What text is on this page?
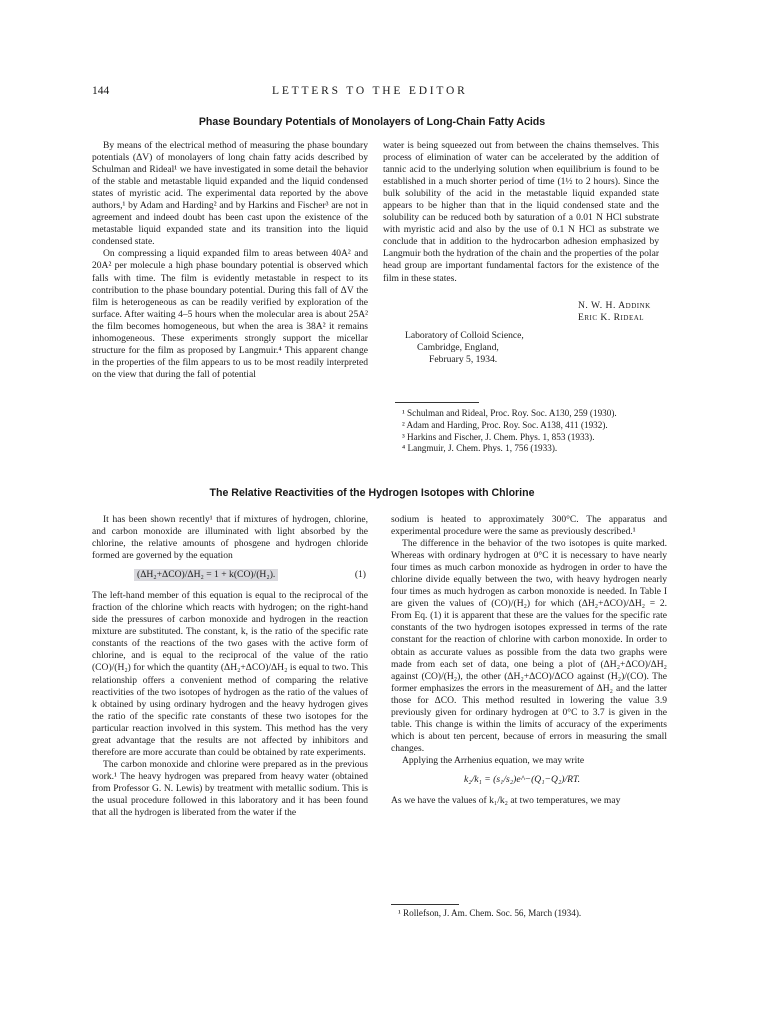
144	LETTERS TO THE EDITOR
Phase Boundary Potentials of Monolayers of Long-Chain Fatty Acids

By means of the electrical method of measuring the phase boundary potentials (ΔV) of monolayers of long chain fatty acids described by Schulman and Rideal¹ we have investigated in some detail the behavior of the stable and metastable liquid expanded and the liquid condensed states of myristic acid. The experimental data reported by the above authors,¹ by Adam and Harding² and by Harkins and Fischer³ are not in agreement and indeed doubt has been cast upon the existence of the metastable liquid expanded state and its transition into the liquid condensed state.

On compressing a liquid expanded film to areas between 40A² and 20A² per molecule a high phase boundary potential is observed which falls with time. The film is evidently metastable in respect to its contribution to the phase boundary potential. During this fall of ΔV the film is heterogeneous as can be readily verified by exploration of the surface. After waiting 4–5 hours when the molecular area is about 25A² the film becomes homogeneous, but when the area is 38A² it remains inhomogeneous. These experiments strongly support the micellar structure for the film as proposed by Langmuir.⁴ This apparent change in the properties of the film appears to us to be most readily interpreted on the view that during the fall of potential

water is being squeezed out from between the chains themselves. This process of elimination of water can be accelerated by the addition of tannic acid to the underlying solution when equilibrium is found to be established in a much shorter period of time (1½ to 2 hours). Since the bulk solubility of the acid in the metastable liquid expanded state appears to be higher than that in the liquid condensed state and the solubility can be reduced both by saturation of a 0.01 N HCl substrate with myristic acid and also by the use of 0.1 N HCl as substrate we conclude that in addition to the hydrocarbon adhesion emphasized by Langmuir both the hydration of the chain and the properties of the polar head group are important fundamental factors for the existence of the film in these states.

N. W. H. Addink
Eric K. Rideal
Laboratory of Colloid Science,
Cambridge, England,
February 5, 1934.
¹ Schulman and Rideal, Proc. Roy. Soc. A130, 259 (1930).
² Adam and Harding, Proc. Roy. Soc. A138, 411 (1932).
³ Harkins and Fischer, J. Chem. Phys. 1, 853 (1933).
⁴ Langmuir, J. Chem. Phys. 1, 756 (1933).
The Relative Reactivities of the Hydrogen Isotopes with Chlorine

It has been shown recently¹ that if mixtures of hydrogen, chlorine, and carbon monoxide are illuminated with light absorbed by the chlorine, the relative amounts of phosgene and hydrogen chloride formed are governed by the equation

(ΔH₂+ΔCO)/ΔH₂ = 1 + k(CO)/(H₂).	(1)

The left-hand member of this equation is equal to the reciprocal of the fraction of the chlorine which reacts with hydrogen; on the right-hand side the pressures of carbon monoxide and hydrogen in the reaction mixture are substituted. The constant, k, is the ratio of the specific rate constants of the reactions of the two gases with the active form of chlorine, and is equal to the reciprocal of the value of the ratio (CO)/(H₂) for which the quantity (ΔH₂+ΔCO)/ΔH₂ is equal to two. This relationship offers a convenient method of comparing the relative reactivities of the two isotopes of hydrogen as the ratio of the values of k obtained by using ordinary hydrogen and the heavy hydrogen gives the ratio of the specific rate constants of these two isotopes for the particular reaction involved in this system. This method has the very great advantage that the results are not affected by inhibitors and therefore are more accurate than could be obtained by rate experiments.

The carbon monoxide and chlorine were prepared as in the previous work.¹ The heavy hydrogen was prepared from heavy water (obtained from Professor G. N. Lewis) by treatment with metallic sodium. This is the usual procedure followed in this laboratory and it has been found that all the hydrogen is liberated from the water if the

sodium is heated to approximately 300°C. The apparatus and experimental procedure were the same as previously described.¹

The difference in the behavior of the two isotopes is quite marked. Whereas with ordinary hydrogen at 0°C it is necessary to have nearly four times as much carbon monoxide as hydrogen in order to have the chlorine divide equally between the two, with heavy hydrogen nearly four times as much hydrogen as carbon monoxide is needed. In Table I are given the values of (CO)/(H₂) for which (ΔH₂+ΔCO)/ΔH₂ = 2. From Eq. (1) it is apparent that these are the values for the specific rate constants of the two hydrogen isotopes expressed in terms of the rate constant for the reaction of chlorine with carbon monoxide. In order to obtain as accurate values as possible from the data two graphs were made from each set of data, one being a plot of (ΔH₂+ΔCO)/ΔH₂ against (CO)/(H₂), the other (ΔH₂+ΔCO)/ΔCO against (H₂)/(CO). The former emphasizes the errors in the measurement of ΔH₂ and the latter those for ΔCO. This method resulted in lowering the value 3.9 previously given for ordinary hydrogen at 0°C to 3.7 is given in the table. This change is within the limits of accuracy of the experiments which is about ten percent, because of errors in measuring the small changes.

Applying the Arrhenius equation, we may write

k₂/k₁ = (s₁/s₂)e^−(Q₁−Q₂)/RT.

As we have the values of k₁/k₂ at two temperatures, we may

¹ Rollefson, J. Am. Chem. Soc. 56, March (1934).
